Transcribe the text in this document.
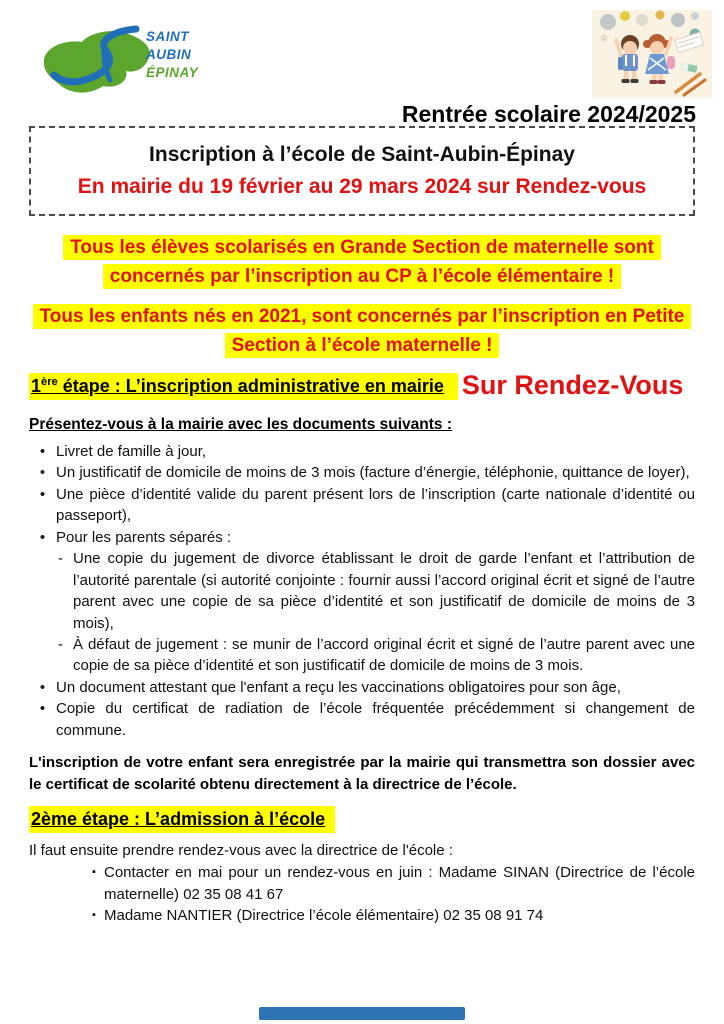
SAINT
AUBIN
ÉPINAY
Rentrée scolaire 2024/2025
Inscription à l’école de Saint-Aubin-Épinay
En mairie du 19 février au 29 mars 2024 sur Rendez-vous
Tous les élèves scolarisés en Grande Section de maternelle sont concernés par l’inscription au CP à l’école élémentaire !
Tous les enfants nés en 2021, sont concernés par l’inscription en Petite Section à l’école maternelle !
1ère étape : L’inscription administrative en mairie Sur Rendez-Vous
Présentez-vous à la mairie avec les documents suivants :
• Livret de famille à jour,
• Un justificatif de domicile de moins de 3 mois (facture d’énergie, téléphonie, quittance de loyer),
• Une pièce d’identité valide du parent présent lors de l’inscription (carte nationale d’identité ou passeport),
• Pour les parents séparés :
- Une copie du jugement de divorce établissant le droit de garde l’enfant et l’attribution de l’autorité parentale (si autorité conjointe : fournir aussi l’accord original écrit et signé de l’autre parent avec une copie de sa pièce d’identité et son justificatif de domicile de moins de 3 mois),
- À défaut de jugement : se munir de l’accord original écrit et signé de l’autre parent avec une copie de sa pièce d’identité et son justificatif de domicile de moins de 3 mois.
• Un document attestant que l'enfant a reçu les vaccinations obligatoires pour son âge,
• Copie du certificat de radiation de l’école fréquentée précédemment si changement de commune.
L'inscription de votre enfant sera enregistrée par la mairie qui transmettra son dossier avec le certificat de scolarité obtenu directement à la directrice de l’école.
2ème étape : L’admission à l’école
Il faut ensuite prendre rendez-vous avec la directrice de l'école :
▪ Contacter en mai pour un rendez-vous en juin : Madame SINAN (Directrice de l’école maternelle) 02 35 08 41 67
▪ Madame NANTIER (Directrice l’école élémentaire) 02 35 08 91 74
